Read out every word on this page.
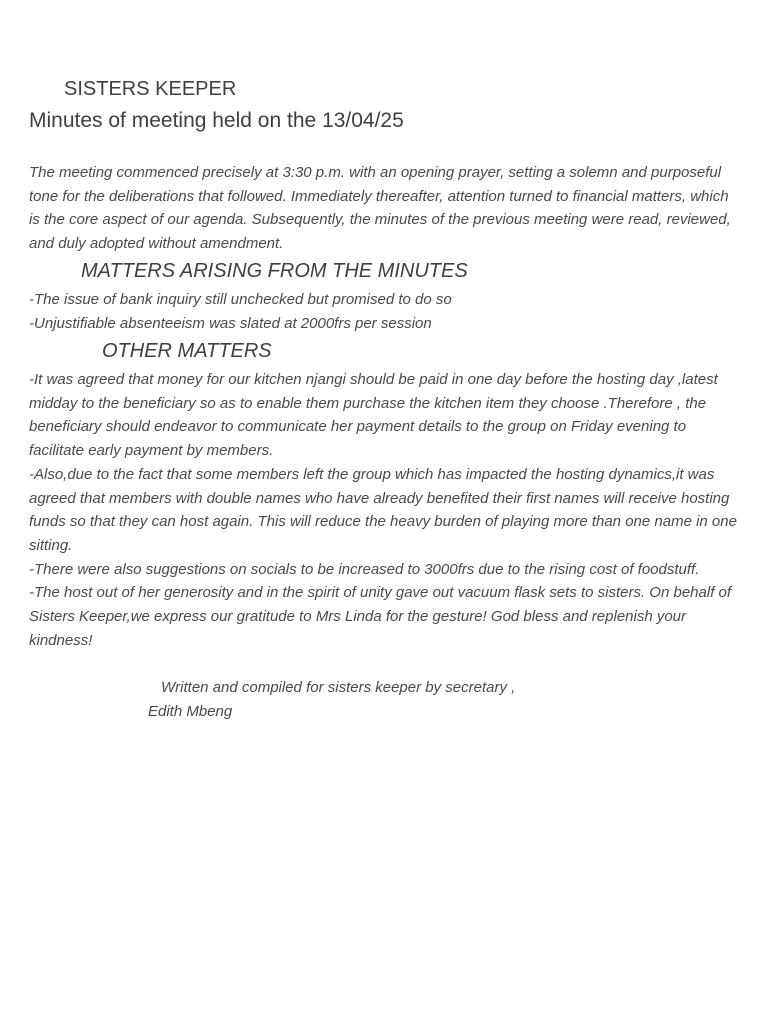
SISTERS KEEPER
Minutes of meeting held on the 13/04/25
The meeting commenced precisely at 3:30 p.m. with an opening prayer, setting a solemn and purposeful tone for the deliberations that followed. Immediately thereafter, attention turned to financial matters, which is the core aspect of our agenda. Subsequently, the minutes of the previous meeting were read, reviewed, and duly adopted without amendment.
MATTERS ARISING FROM THE MINUTES

-The issue of bank inquiry still unchecked but promised to do so

-Unjustifiable absenteeism was slated at 2000frs per session

OTHER MATTERS

-It was agreed that money for our kitchen njangi should be paid in one day before the hosting day ,latest midday to the beneficiary so as to enable them purchase the kitchen item they choose .Therefore , the beneficiary should endeavor to communicate her payment details to the group on Friday evening to facilitate early payment by members.

-Also,due to the fact that some members left the group which has impacted the hosting dynamics,it was agreed that members with double names who have already benefited their first names will receive hosting funds so that they can host again. This will reduce the heavy burden of playing more than one name in one sitting.

-There were also suggestions on socials to be increased to 3000frs due to the rising cost of foodstuff.

-The host out of her generosity and in the spirit of unity gave out vacuum flask sets to sisters. On behalf of Sisters Keeper,we express our gratitude to Mrs Linda for the gesture! God bless and replenish your kindness!

Written and compiled for sisters keeper by secretary ,
Edith Mbeng
